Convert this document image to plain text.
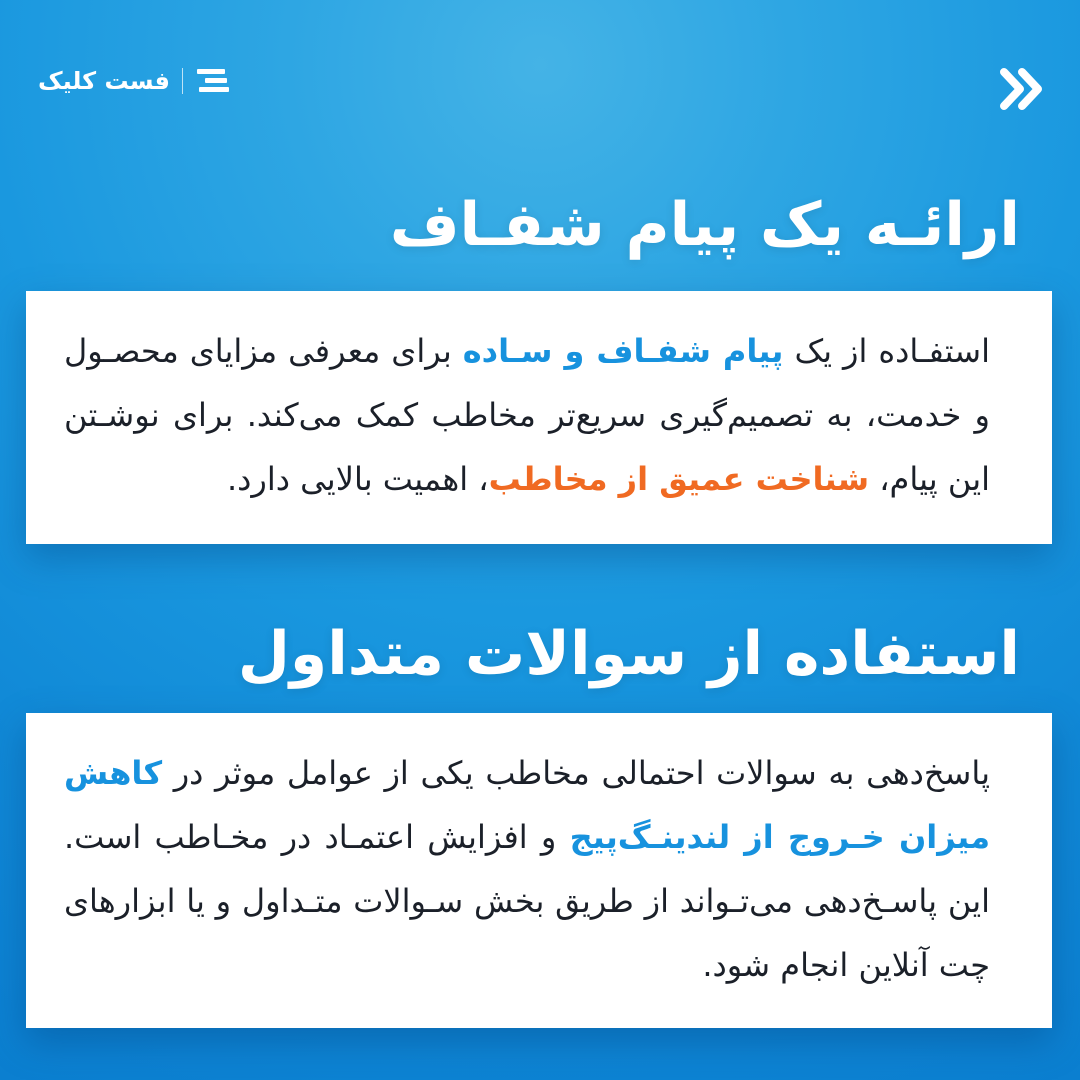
فست کلیک
ارائـه یک پیام شفـاف

استفـاده از یک پیام شفـاف و سـاده برای معرفی مزایای محصـول و خدمت، به تصمیم‌گیری سریع‌تر مخاطب کمک می‌کند. برای نوشـتن این پیام، شناخت عمیق از مخاطب، اهمیت بالایی دارد.

استفاده از سوالات متداول

پاسخ‌دهی به سوالات احتمالی مخاطب یکی از عوامل موثر در کاهش میزان خـروج از لندینـگ‌پیج و افزایش اعتمـاد در مخـاطب است. این پاسـخ‌دهی می‌تـواند از طریق بخش سـوالات متـداول و یا ابزارهای چت آنلاین انجام شود.
